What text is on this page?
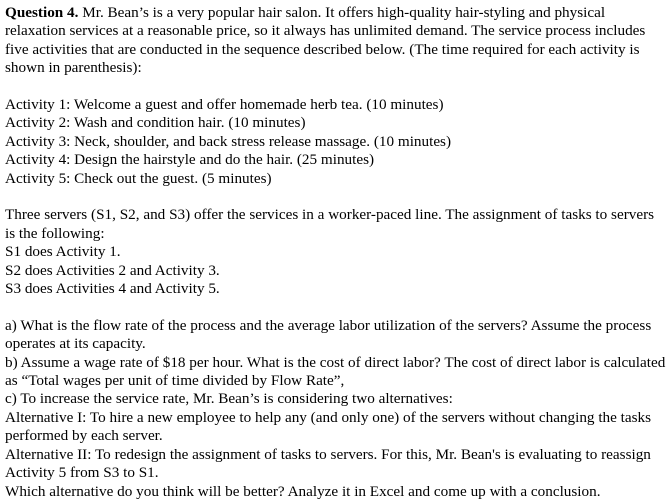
Question 4. Mr. Bean’s is a very popular hair salon. It offers high-quality hair-styling and physical relaxation services at a reasonable price, so it always has unlimited demand. The service process includes five activities that are conducted in the sequence described below. (The time required for each activity is shown in parenthesis):

Activity 1: Welcome a guest and offer homemade herb tea. (10 minutes)

Activity 2: Wash and condition hair. (10 minutes)

Activity 3: Neck, shoulder, and back stress release massage. (10 minutes)

Activity 4: Design the hairstyle and do the hair. (25 minutes)

Activity 5: Check out the guest. (5 minutes)

Three servers (S1, S2, and S3) offer the services in a worker-paced line. The assignment of tasks to servers is the following:

S1 does Activity 1.

S2 does Activities 2 and Activity 3.

S3 does Activities 4 and Activity 5.

a) What is the flow rate of the process and the average labor utilization of the servers? Assume the process operates at its capacity.

b) Assume a wage rate of $18 per hour. What is the cost of direct labor? The cost of direct labor is calculated as “Total wages per unit of time divided by Flow Rate”,

c) To increase the service rate, Mr. Bean’s is considering two alternatives:

Alternative I: To hire a new employee to help any (and only one) of the servers without changing the tasks performed by each server.

Alternative II: To redesign the assignment of tasks to servers. For this, Mr. Bean's is evaluating to reassign Activity 5 from S3 to S1.

Which alternative do you think will be better? Analyze it in Excel and come up with a conclusion.
